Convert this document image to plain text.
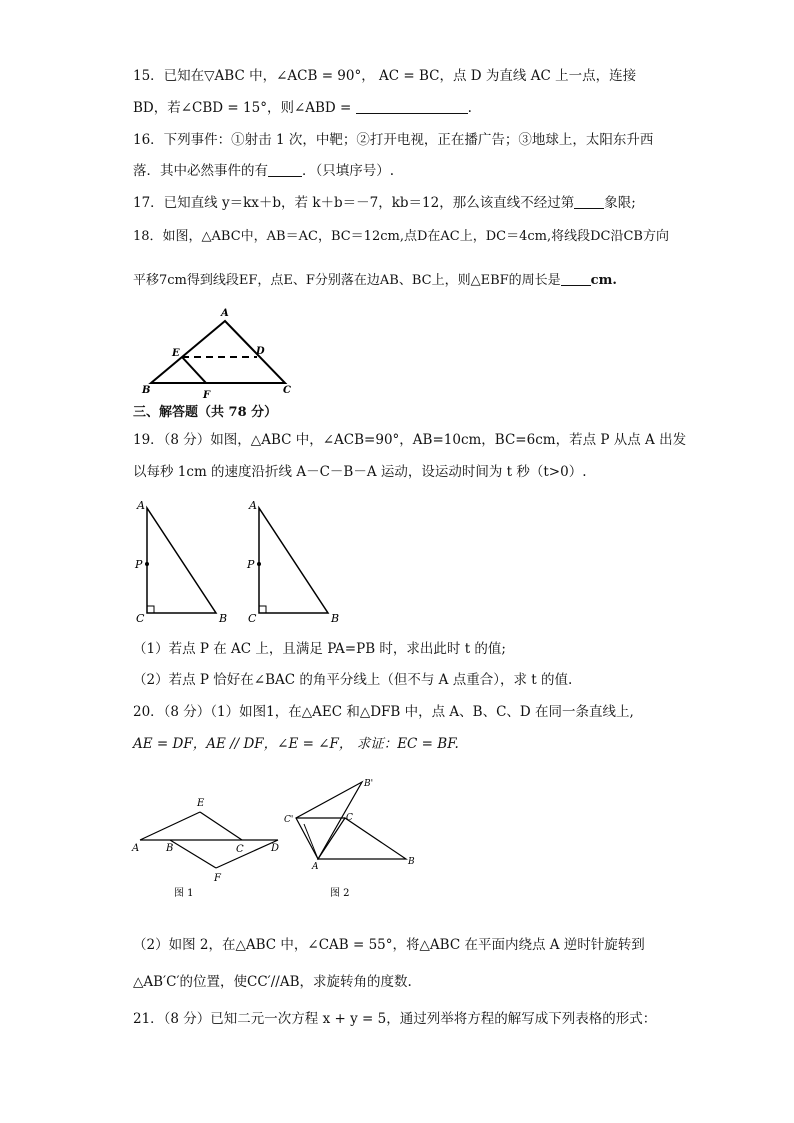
15．已知在▽ABC 中，∠ACB = 90°， AC = BC，点 D 为直线 AC 上一点，连接
BD，若∠CBD = 15°，则∠ABD =	.
16．下列事件：①射击 1 次，中靶；②打开电视，正在播广告；③地球上，太阳东升西
落．其中必然事件的有	．（只填序号）.
17．已知直线 y＝kx＋b，若 k＋b＝－7，kb＝12，那么该直线不经过第 象限;
18．如图，△ABC中，AB＝AC，BC＝12cm,点D在AC上，DC＝4cm,将线段DC沿CB方向
平移7cm得到线段EF，点E、F分别落在边AB、BC上，则△EBF的周长是 cm.
A
E	D
B	F	C
三、解答题（共 78 分）
19．（8 分）如图，△ABC 中，∠ACB=90°，AB=10cm，BC=6cm，若点 P 从点 A 出发
以每秒 1cm 的速度沿折线 A－C－B－A 运动，设运动时间为 t 秒（t>0）.
A
P
C	B
A
P
C	B
（1）若点 P 在 AC 上，且满足 PA=PB 时，求出此时 t 的值;
（2）若点 P 恰好在∠BAC 的角平分线上（但不与 A 点重合），求 t 的值.
20．（8 分）（1）如图1，在△AEC 和△DFB 中，点 A、B、C、D 在同一条直线上,
AE = DF，AE // DF，∠E = ∠F， 求证：EC = BF.
E
A	B	C	D
F
图 1
B'
C'	C
A	B
图 2
（2）如图 2，在△ABC 中，∠CAB = 55°，将△ABC 在平面内绕点 A 逆时针旋转到
△AB′C′的位置，使CC′//AB，求旋转角的度数.
21．（8 分）已知二元一次方程 x + y = 5，通过列举将方程的解写成下列表格的形式：
